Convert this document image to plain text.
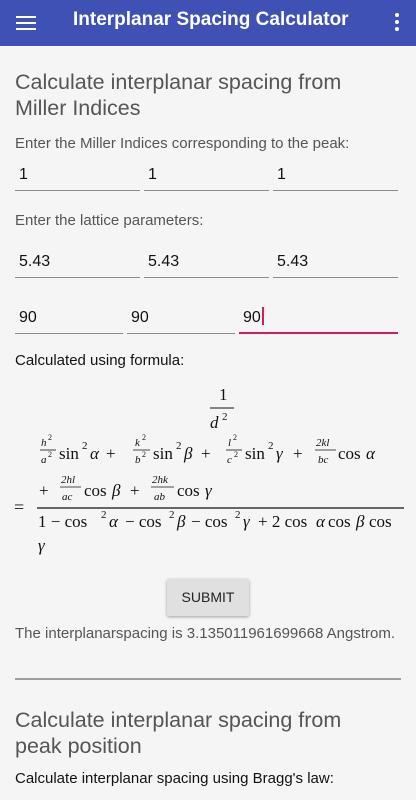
Interplanar Spacing Calculator
Calculate interplanar spacing from
Miller Indices
Enter the Miller Indices corresponding to the peak:
1	1	1
Enter the lattice parameters:
5.43	5.43	5.43
90	90	90
Calculated using formula:
1
d 2
h 2
a 2 sin 2 α +
k 2
b 2 sin 2 β +
l 2
c 2 sin 2 γ +
2kl
bc cos α
+
2hl
ac cos β +
2hk
ab cos γ
=
1 − cos 2 α − cos 2 β − cos 2 γ + 2 cos α cos β cos
γ
SUBMIT
The interplanarspacing is 3.135011961699668 Angstrom.
Calculate interplanar spacing from
peak position
Calculate interplanar spacing using Bragg's law:
